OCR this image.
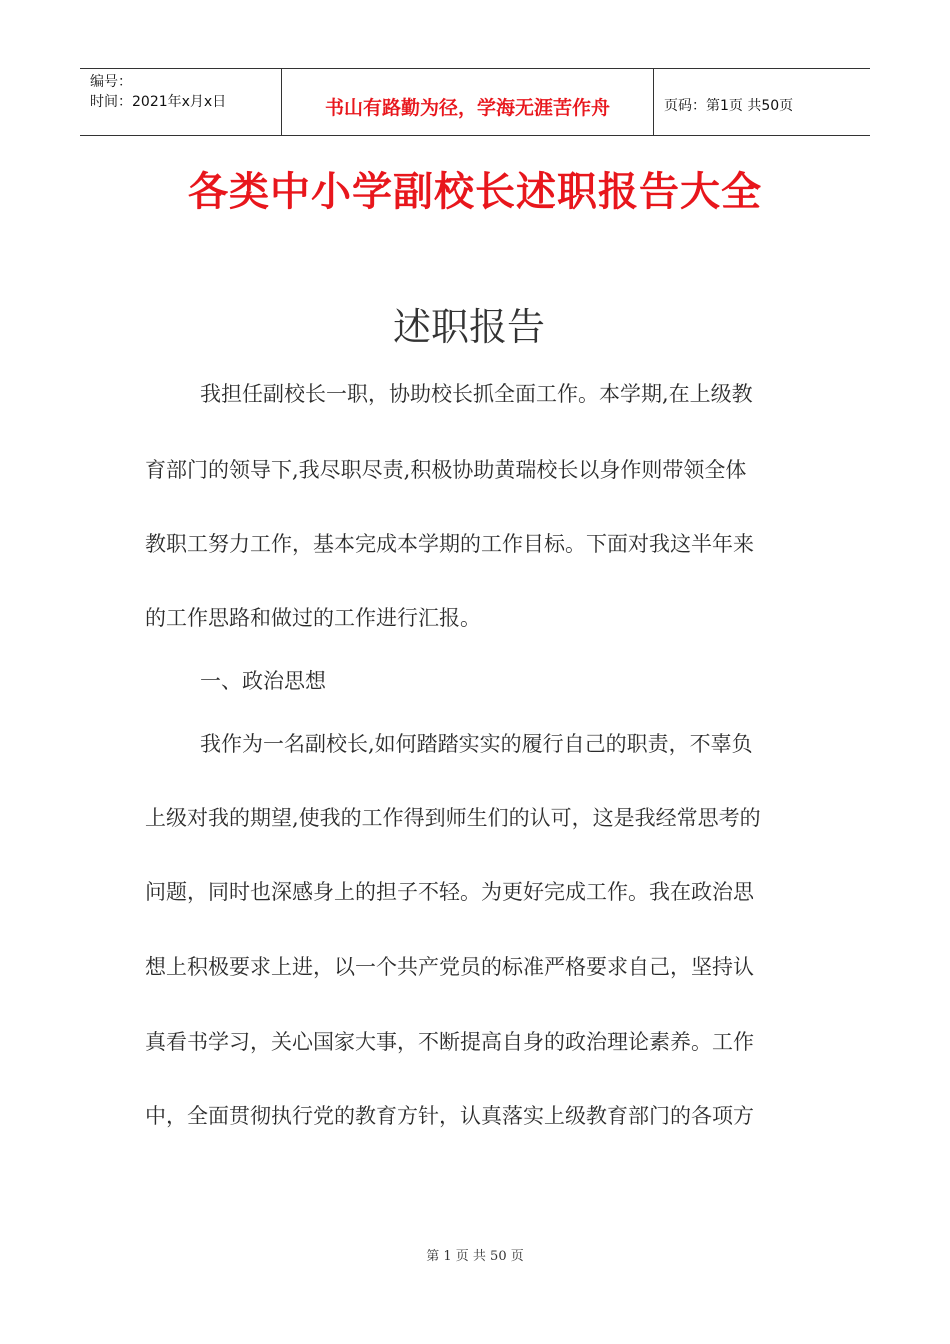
编号：
时间：2021年x月x日	书山有路勤为径，学海无涯苦作舟	页码：第1页 共50页
各类中小学副校长述职报告大全
述职报告
我担任副校长一职，协助校长抓全面工作。本学期,在上级教
育部门的领导下,我尽职尽责,积极协助黄瑞校长以身作则带领全体
教职工努力工作，基本完成本学期的工作目标。下面对我这半年来
的工作思路和做过的工作进行汇报。
一、政治思想
我作为一名副校长,如何踏踏实实的履行自己的职责，不辜负
上级对我的期望,使我的工作得到师生们的认可，这是我经常思考的
问题，同时也深感身上的担子不轻。为更好完成工作。我在政治思
想上积极要求上进，以一个共产党员的标准严格要求自己，坚持认
真看书学习，关心国家大事，不断提高自身的政治理论素养。工作
中，全面贯彻执行党的教育方针，认真落实上级教育部门的各项方
第 1 页 共 50 页
